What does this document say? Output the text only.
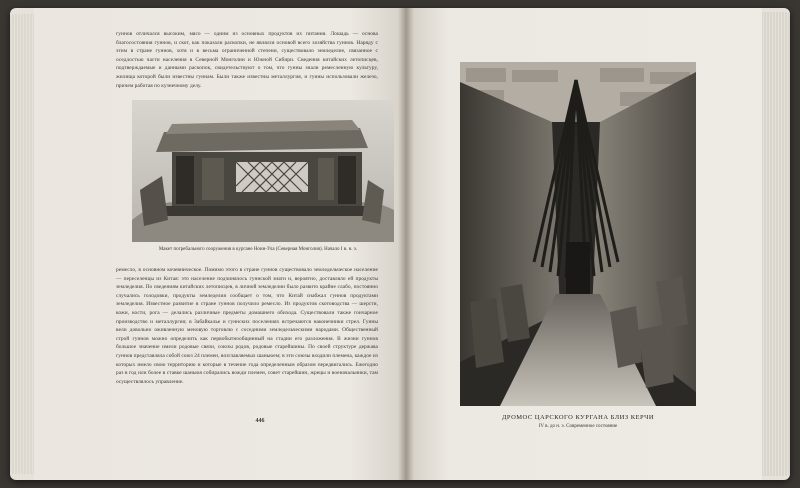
гуннов отличался высоким, мясо — одним из основных продуктов их питания. Лошадь — основа благосостояния гуннов, и скот, как показали раскопки, не являлся основой всего хозяйства гуннов. Наряду с этим в стране гуннов, хотя и в весьма ограниченной степени, существовало земледелие, связанное с оседлостью части населения в Северной Монголии и Южной Сибири. Сведения китайских летописцев, подтверждаемые и данными раскопок, свидетельствуют о том, что гунны знали ремесленную культуру, жилища которой были известны гуннам. Были также известны металлургия, и гунны использовали железо, причем работая по кузнечному делу.
Макет погребального сооружения в кургане Ноин-Ула (Северная Монголия). Начало I в. н. э.
ремесло, в основном кочевническое. Помимо этого в стране гуннов существовало земледельческое население — переселенцы из Китая: это население подчинялось гуннской знати и, вероятно, доставляло ей продукты земледелия. По сведениям китайских летописцев, в личной земледелии было развито крайне слабо, постоянно случались голодовки, продукты земледелия сообщает о том, что Китай снабжал гуннов продуктами земледелия. Известное развитие в стране гуннов получило ремесло. Из продуктов скотоводства — шерсти, кожи, кости, рога — делались различные предметы домашнего обихода. Существовали также гончарное производство и металлургия; в Забайкалье и гуннских поселениях встречаются наконечники стрел. Гунны вели довольно оживленную меновую торговлю с соседними земледельческими народами. Общественный строй гуннов можно определить как первобытнообщинный на стадии его разложения. В жизни гуннов большое значение имели родовые связи, союзы родов, родовые старейшины. По своей структуре держава гуннов представляла собой союз 24 племен, возглавляемых шаньюем; в эти союзы входили племена, каждое из которых имело свою территорию и которые в течение года определенным образом передвигались. Ежегодно раз в год или более в ставке шаньюя собирались вожди племен, совет старейшин, жрецы и военачальники, там осуществлялось управление.
446	ДРОМОС ЦАРСКОГО КУРГАНА БЛИЗ КЕРЧИ
IV в. до н. э. Современное состояние
